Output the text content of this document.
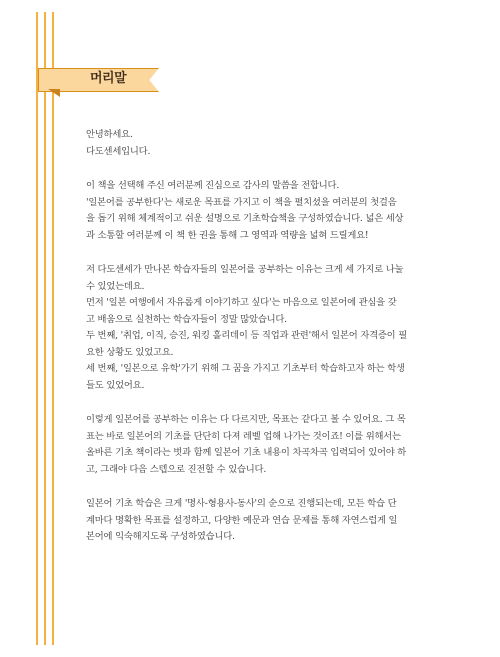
머리말
안녕하세요.
다도센세입니다.
이 책을 선택해 주신 여러분께 진심으로 감사의 말씀을 전합니다.
'일본어를 공부한다'는 새로운 목표를 가지고 이 책을 펼치셨을 여러분의 첫걸음
을 돕기 위해 체계적이고 쉬운 설명으로 기초학습책을 구성하였습니다. 넓은 세상
과 소통할 여러분께 이 책 한 권을 통해 그 영역과 역량을 넓혀 드릴게요!
저 다도센세가 만나본 학습자들의 일본어를 공부하는 이유는 크게 세 가지로 나눌
수 있었는데요.
먼저 '일본 여행에서 자유롭게 이야기하고 싶다'는 마음으로 일본어에 관심을 갖
고 배움으로 실천하는 학습자들이 정말 많았습니다.
두 번째, '취업, 이직, 승진, 워킹 홀리데이 등 직업과 관련'해서 일본어 자격증이 필
요한 상황도 있었고요.
세 번째, '일본으로 유학'가기 위해 그 꿈을 가지고 기초부터 학습하고자 하는 학생
들도 있었어요.
이렇게 일본어를 공부하는 이유는 다 다르지만, 목표는 같다고 볼 수 있어요. 그 목
표는 바로 일본어의 기초를 단단히 다져 레벨 업해 나가는 것이죠! 이를 위해서는
올바른 기초 책이라는 벗과 함께 일본어 기초 내용이 차곡차곡 입력되어 있어야 하
고, 그래야 다음 스텝으로 진전할 수 있습니다.
일본어 기초 학습은 크게 '명사-형용사-동사'의 순으로 진행되는데, 모든 학습 단
계마다 명확한 목표를 설정하고, 다양한 예문과 연습 문제를 통해 자연스럽게 일
본어에 익숙해지도록 구성하였습니다.
